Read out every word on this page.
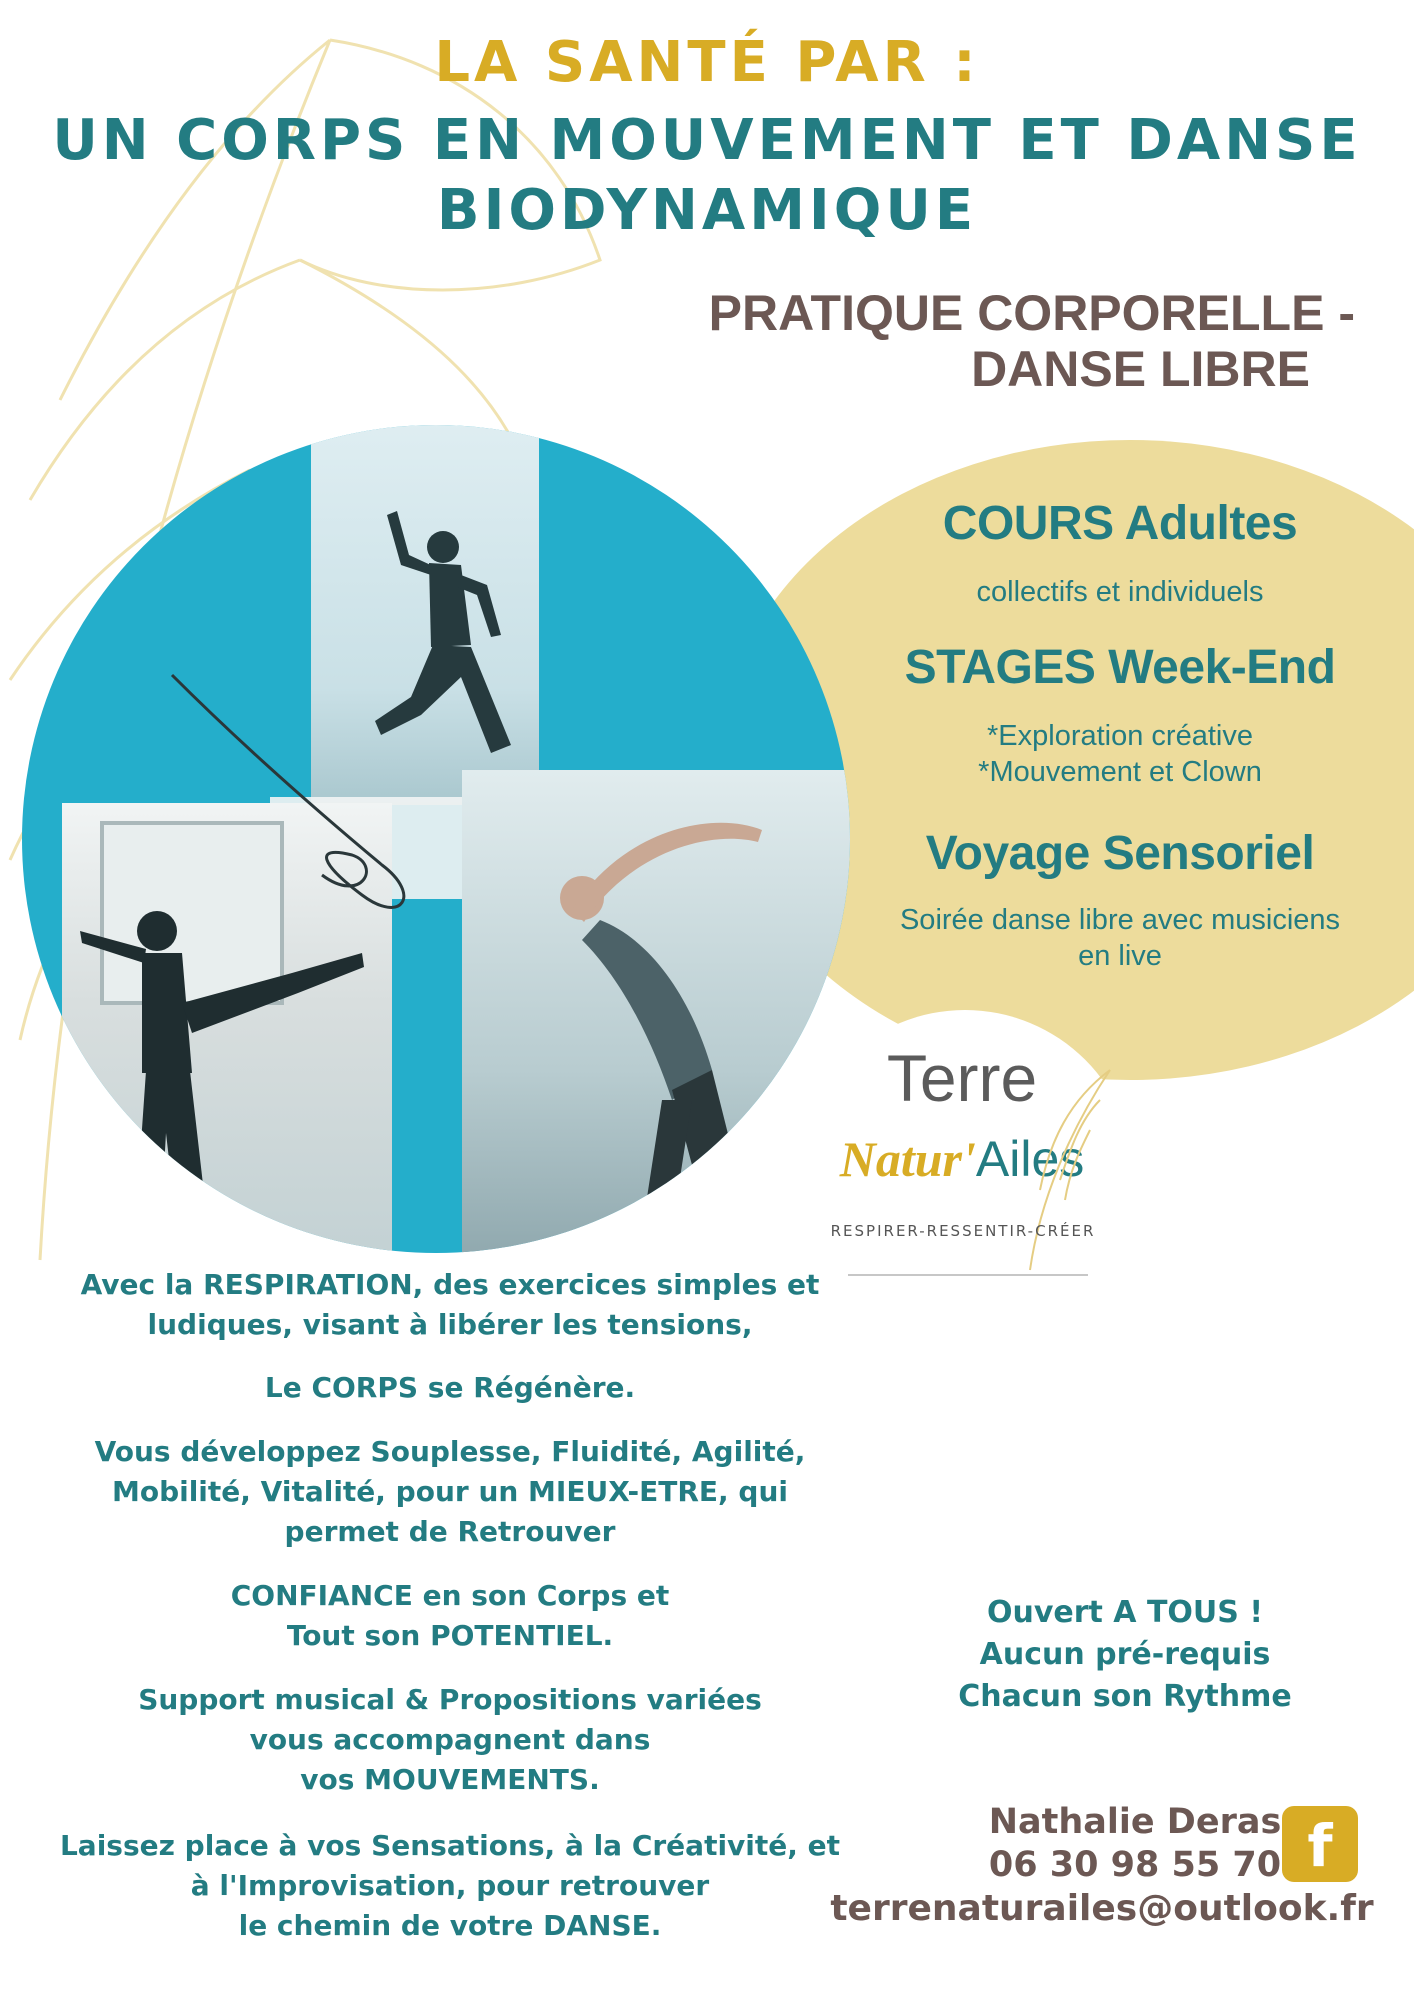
LA SANTÉ PAR :
UN CORPS EN MOUVEMENT ET DANSE
BIODYNAMIQUE
PRATIQUE CORPORELLE -
DANSE LIBRE
COURS Adultes
collectifs et individuels
STAGES Week-End
*Exploration créative
*Mouvement et Clown
Voyage Sensoriel
Soirée danse libre avec musiciens
en live
Terre
Natur'Ailes
RESPIRER-RESSENTIR-CRÉER
Avec la RESPIRATION, des exercices simples et
ludiques, visant à libérer les tensions,
Le CORPS se Régénère.
Vous développez Souplesse, Fluidité, Agilité,
Mobilité, Vitalité, pour un MIEUX-ETRE, qui
permet de Retrouver
CONFIANCE en son Corps et
Tout son POTENTIEL.
Support musical & Propositions variées
vous accompagnent dans
vos MOUVEMENTS.
Laissez place à vos Sensations, à la Créativité, et
à l'Improvisation, pour retrouver
le chemin de votre DANSE.
Ouvert A TOUS !
Aucun pré-requis
Chacun son Rythme
Nathalie Deras
06 30 98 55 70 f
terrenaturailes@outlook.fr
